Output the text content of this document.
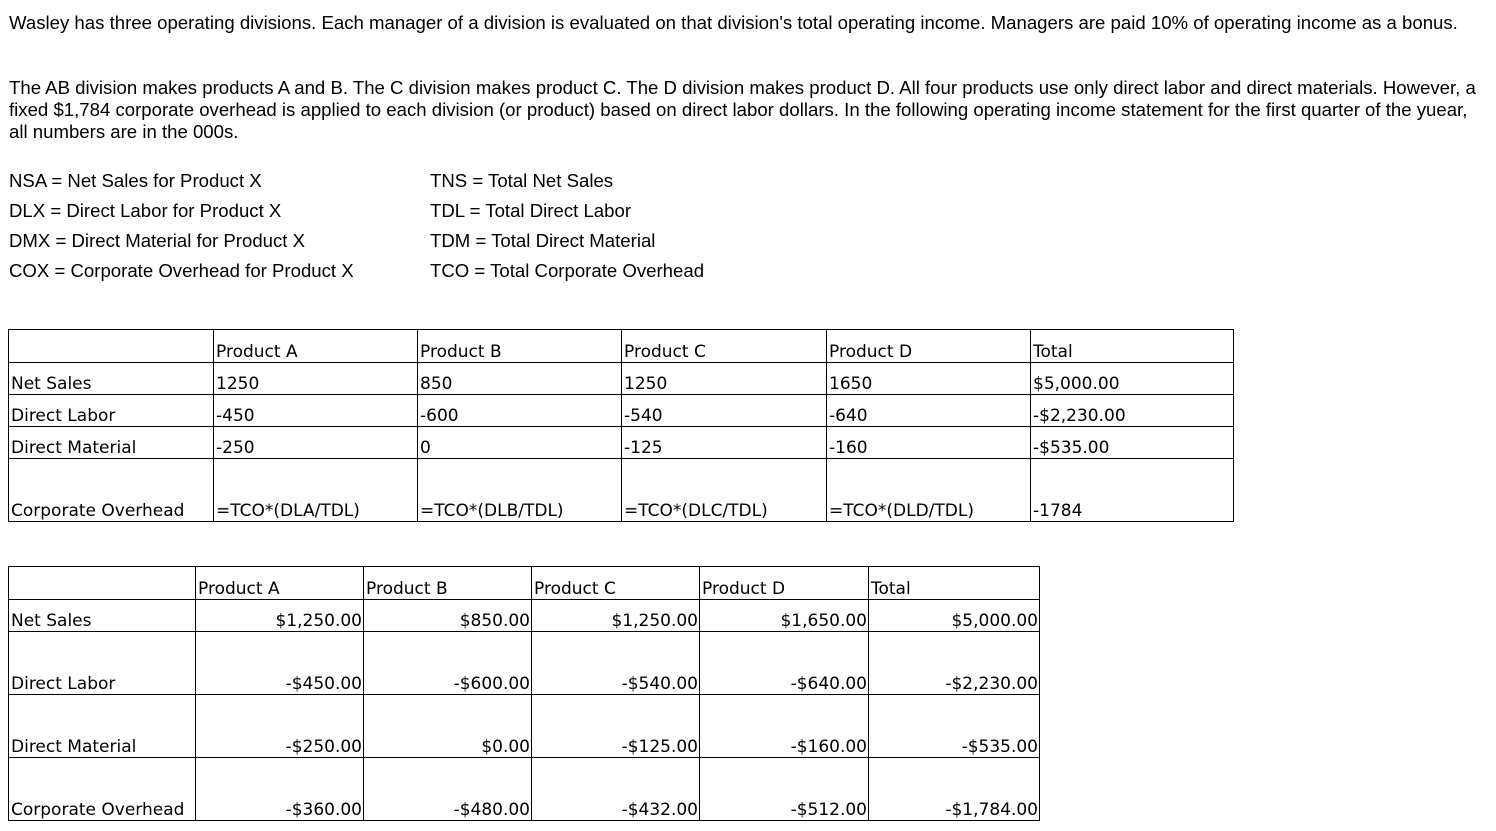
Wasley has three operating divisions. Each manager of a division is evaluated on that division's total operating income. Managers are paid 10% of operating income as a bonus.
The AB division makes products A and B. The C division makes product C. The D division makes product D. All four products use only direct labor and direct materials. However, a fixed $1,784 corporate overhead is applied to each division (or product) based on direct labor dollars. In the following operating income statement for the first quarter of the yuear, all numbers are in the 000s.
NSA = Net Sales for Product X	TNS = Total Net Sales
DLX = Direct Labor for Product X	TDL = Total Direct Labor
DMX = Direct Material for Product X	TDM = Total Direct Material
COX = Corporate Overhead for Product X	TCO = Total Corporate Overhead
	Product A	Product B	Product C	Product D	Total
Net Sales	1250	850	1250	1650	$5,000.00
Direct Labor	-450	-600	-540	-640	-$2,230.00
Direct Material	-250	0	-125	-160	-$535.00
Corporate Overhead	=TCO*(DLA/TDL)	=TCO*(DLB/TDL)	=TCO*(DLC/TDL)	=TCO*(DLD/TDL)	-1784
	Product A	Product B	Product C	Product D	Total
Net Sales	$1,250.00	$850.00	$1,250.00	$1,650.00	$5,000.00
Direct Labor	-$450.00	-$600.00	-$540.00	-$640.00	-$2,230.00
Direct Material	-$250.00	$0.00	-$125.00	-$160.00	-$535.00
Corporate Overhead	-$360.00	-$480.00	-$432.00	-$512.00	-$1,784.00
